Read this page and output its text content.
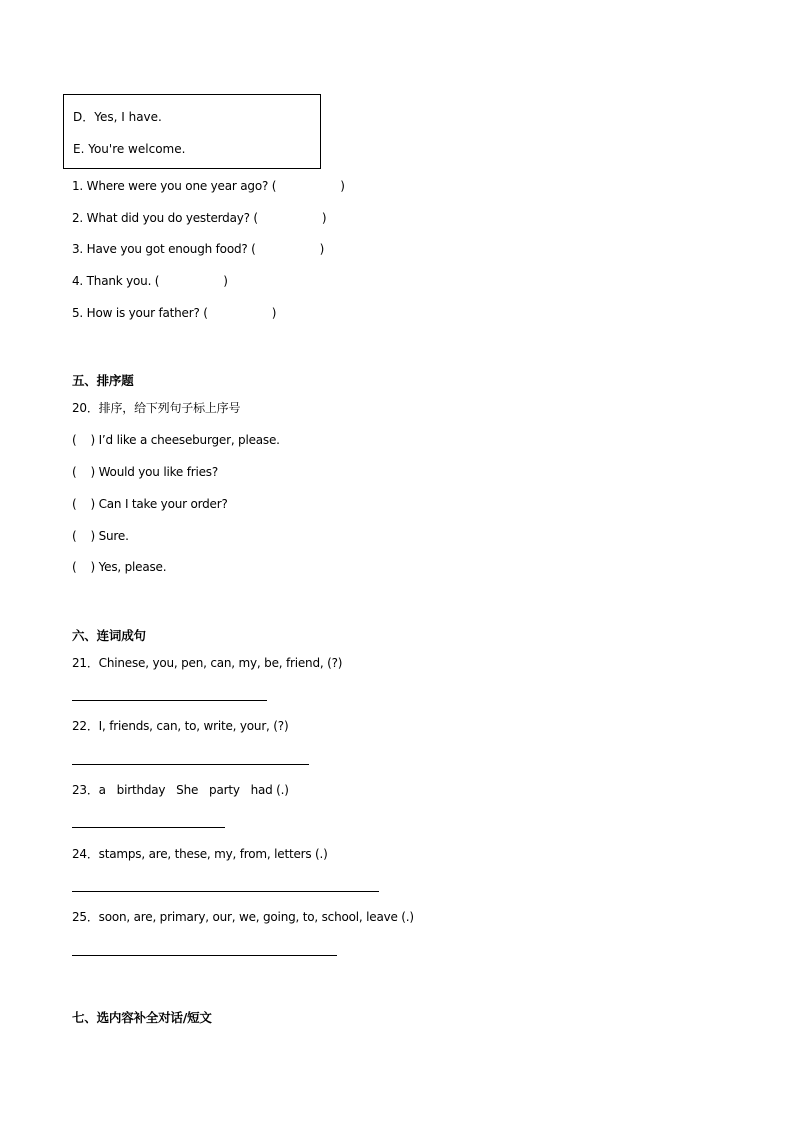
D．Yes, I have.
E. You're welcome.
1. Where were you one year ago? (	)
2. What did you do yesterday? (	)
3. Have you got enough food? (	)
4. Thank you. (	)
5. How is your father? (	)
五、排序题
20．排序，给下列句子标上序号
( ) I’d like a cheeseburger, please.
( ) Would you like fries?
( ) Can I take your order?
( ) Sure.
( ) Yes, please.
六、连词成句
21．Chinese, you, pen, can, my, be, friend, (?)
22．I, friends, can, to, write, your, (?)
23．a   birthday   She   party   had (.)
24．stamps, are, these, my, from, letters (.)
25．soon, are, primary, our, we, going, to, school, leave (.)
七、选内容补全对话/短文
